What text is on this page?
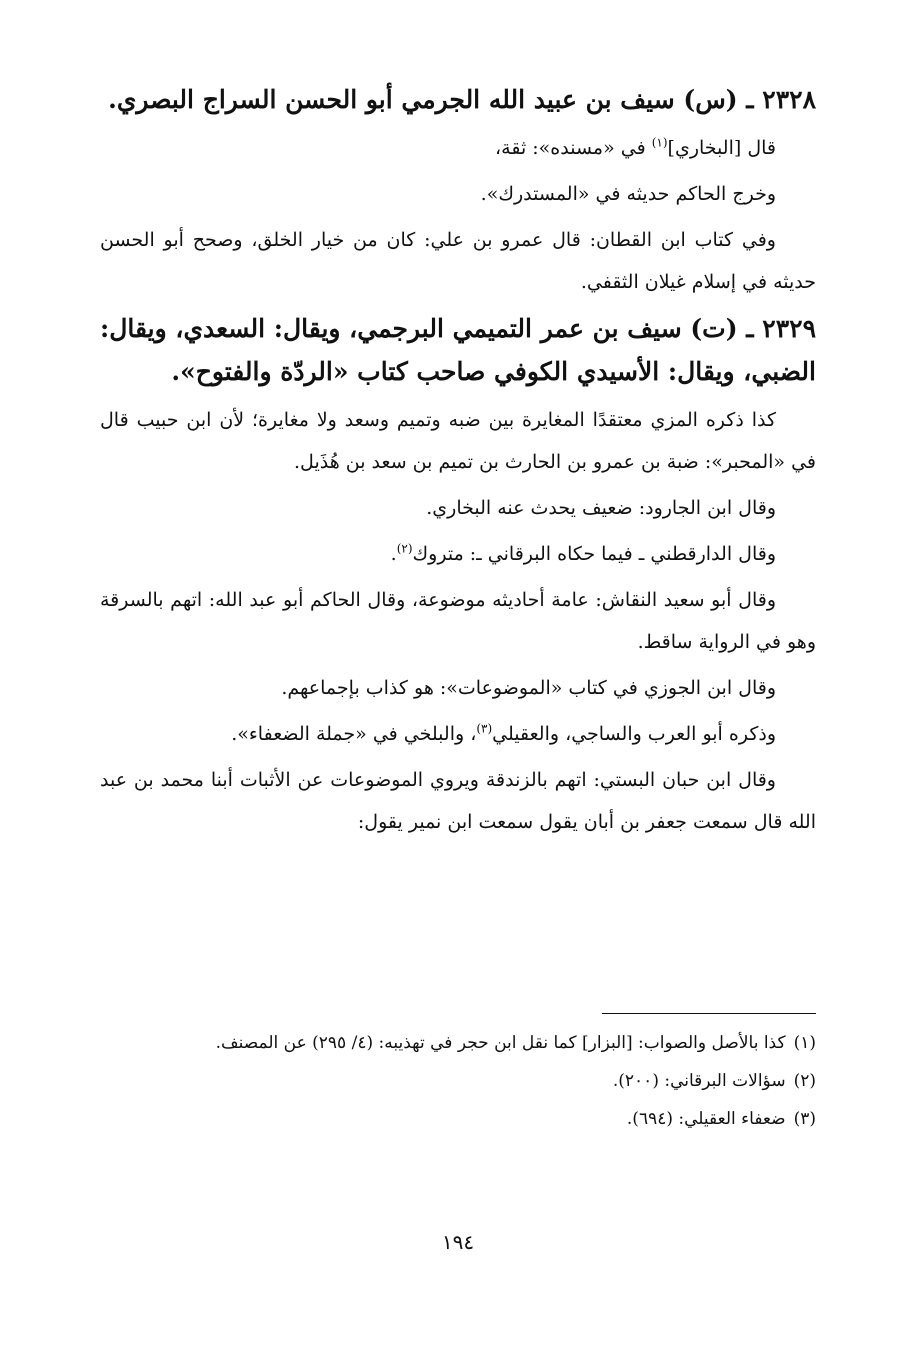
٢٣٢٨ ـ (س) سيف بن عبيد الله الجرمي أبو الحسن السراج البصري.

قال [البخاري]$^{(١)}$ في «مسنده»: ثقة،

وخرج الحاكم حديثه في «المستدرك».

وفي كتاب ابن القطان: قال عمرو بن علي: كان من خيار الخلق، وصحح أبو الحسن حديثه في إسلام غيلان الثقفي.

٢٣٢٩ ـ (ت) سيف بن عمر التميمي البرجمي، ويقال: السعدي، ويقال: الضبي، ويقال: الأسيدي الكوفي صاحب كتاب «الردّة والفتوح».

كذا ذكره المزي معتقدًا المغايرة بين ضبه وتميم وسعد ولا مغايرة؛ لأن ابن حبيب قال في «المحبر»: ضبة بن عمرو بن الحارث بن تميم بن سعد بن هُذَيل.

وقال ابن الجارود: ضعيف يحدث عنه البخاري.

وقال الدارقطني ـ فيما حكاه البرقاني ـ: متروك$^{(٢)}$.

وقال أبو سعيد النقاش: عامة أحاديثه موضوعة، وقال الحاكم أبو عبد الله: اتهم بالسرقة وهو في الرواية ساقط.

وقال ابن الجوزي في كتاب «الموضوعات»: هو كذاب بإجماعهم.

وذكره أبو العرب والساجي، والعقيلي$^{(٣)}$، والبلخي في «جملة الضعفاء».

وقال ابن حبان البستي: اتهم بالزندقة ويروي الموضوعات عن الأثبات أبنا محمد بن عبد الله قال سمعت جعفر بن أبان يقول سمعت ابن نمير يقول:

(١)كذا بالأصل والصواب: [البزار] كما نقل ابن حجر في تهذيبه: (٤/ ٢٩٥) عن المصنف.

(٢)سؤالات البرقاني: (٢٠٠).

(٣)ضعفاء العقيلي: (٦٩٤).

١٩٤
